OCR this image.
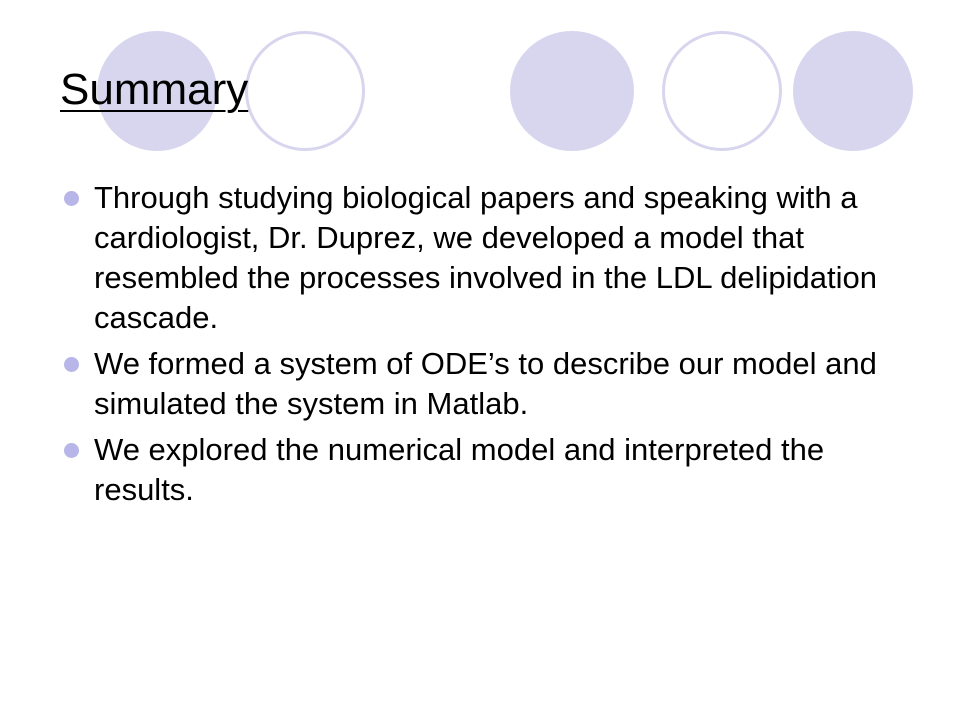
Summary
Through studying biological papers and speaking with a cardiologist, Dr. Duprez, we developed a model that resembled the processes involved in the LDL delipidation cascade.
We formed a system of ODE’s to describe our model and simulated the system in Matlab.
We explored the numerical model and interpreted the results.
